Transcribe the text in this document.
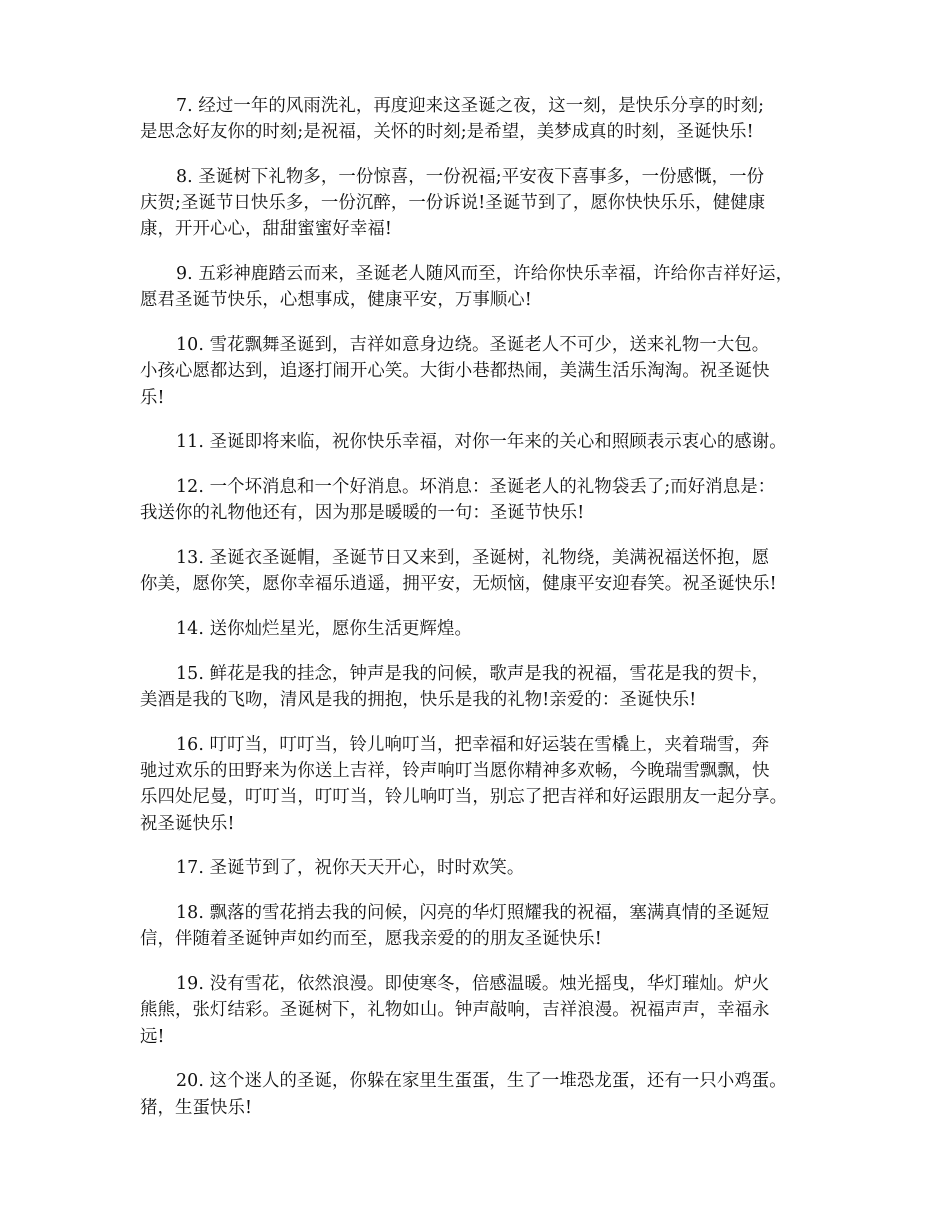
7. 经过一年的风雨洗礼，再度迎来这圣诞之夜，这一刻，是快乐分享的时刻;
是思念好友你的时刻;是祝福，关怀的时刻;是希望，美梦成真的时刻，圣诞快乐!

8. 圣诞树下礼物多，一份惊喜，一份祝福;平安夜下喜事多，一份感慨，一份
庆贺;圣诞节日快乐多，一份沉醉，一份诉说!圣诞节到了，愿你快快乐乐，健健康
康，开开心心，甜甜蜜蜜好幸福!

9. 五彩神鹿踏云而来，圣诞老人随风而至，许给你快乐幸福，许给你吉祥好运，
愿君圣诞节快乐，心想事成，健康平安，万事顺心!

10. 雪花飘舞圣诞到，吉祥如意身边绕。圣诞老人不可少，送来礼物一大包。
小孩心愿都达到，追逐打闹开心笑。大街小巷都热闹，美满生活乐淘淘。祝圣诞快
乐!

11. 圣诞即将来临，祝你快乐幸福，对你一年来的关心和照顾表示衷心的感谢。

12. 一个坏消息和一个好消息。坏消息：圣诞老人的礼物袋丢了;而好消息是：
我送你的礼物他还有，因为那是暖暖的一句：圣诞节快乐!

13. 圣诞衣圣诞帽，圣诞节日又来到，圣诞树，礼物绕，美满祝福送怀抱，愿
你美，愿你笑，愿你幸福乐逍遥，拥平安，无烦恼，健康平安迎春笑。祝圣诞快乐!

14. 送你灿烂星光，愿你生活更辉煌。

15. 鲜花是我的挂念，钟声是我的问候，歌声是我的祝福，雪花是我的贺卡，
美酒是我的飞吻，清风是我的拥抱，快乐是我的礼物!亲爱的：圣诞快乐!

16. 叮叮当，叮叮当，铃儿响叮当，把幸福和好运装在雪橇上，夹着瑞雪，奔
驰过欢乐的田野来为你送上吉祥，铃声响叮当愿你精神多欢畅，今晚瑞雪飘飘，快
乐四处尼曼，叮叮当，叮叮当，铃儿响叮当，别忘了把吉祥和好运跟朋友一起分享。
祝圣诞快乐!

17. 圣诞节到了，祝你天天开心，时时欢笑。

18. 飘落的雪花捎去我的问候，闪亮的华灯照耀我的祝福，塞满真情的圣诞短
信，伴随着圣诞钟声如约而至，愿我亲爱的的朋友圣诞快乐!

19. 没有雪花，依然浪漫。即使寒冬，倍感温暖。烛光摇曳，华灯璀灿。炉火
熊熊，张灯结彩。圣诞树下，礼物如山。钟声敲响，吉祥浪漫。祝福声声，幸福永
远!

20. 这个迷人的圣诞，你躲在家里生蛋蛋，生了一堆恐龙蛋，还有一只小鸡蛋。
猪，生蛋快乐!
